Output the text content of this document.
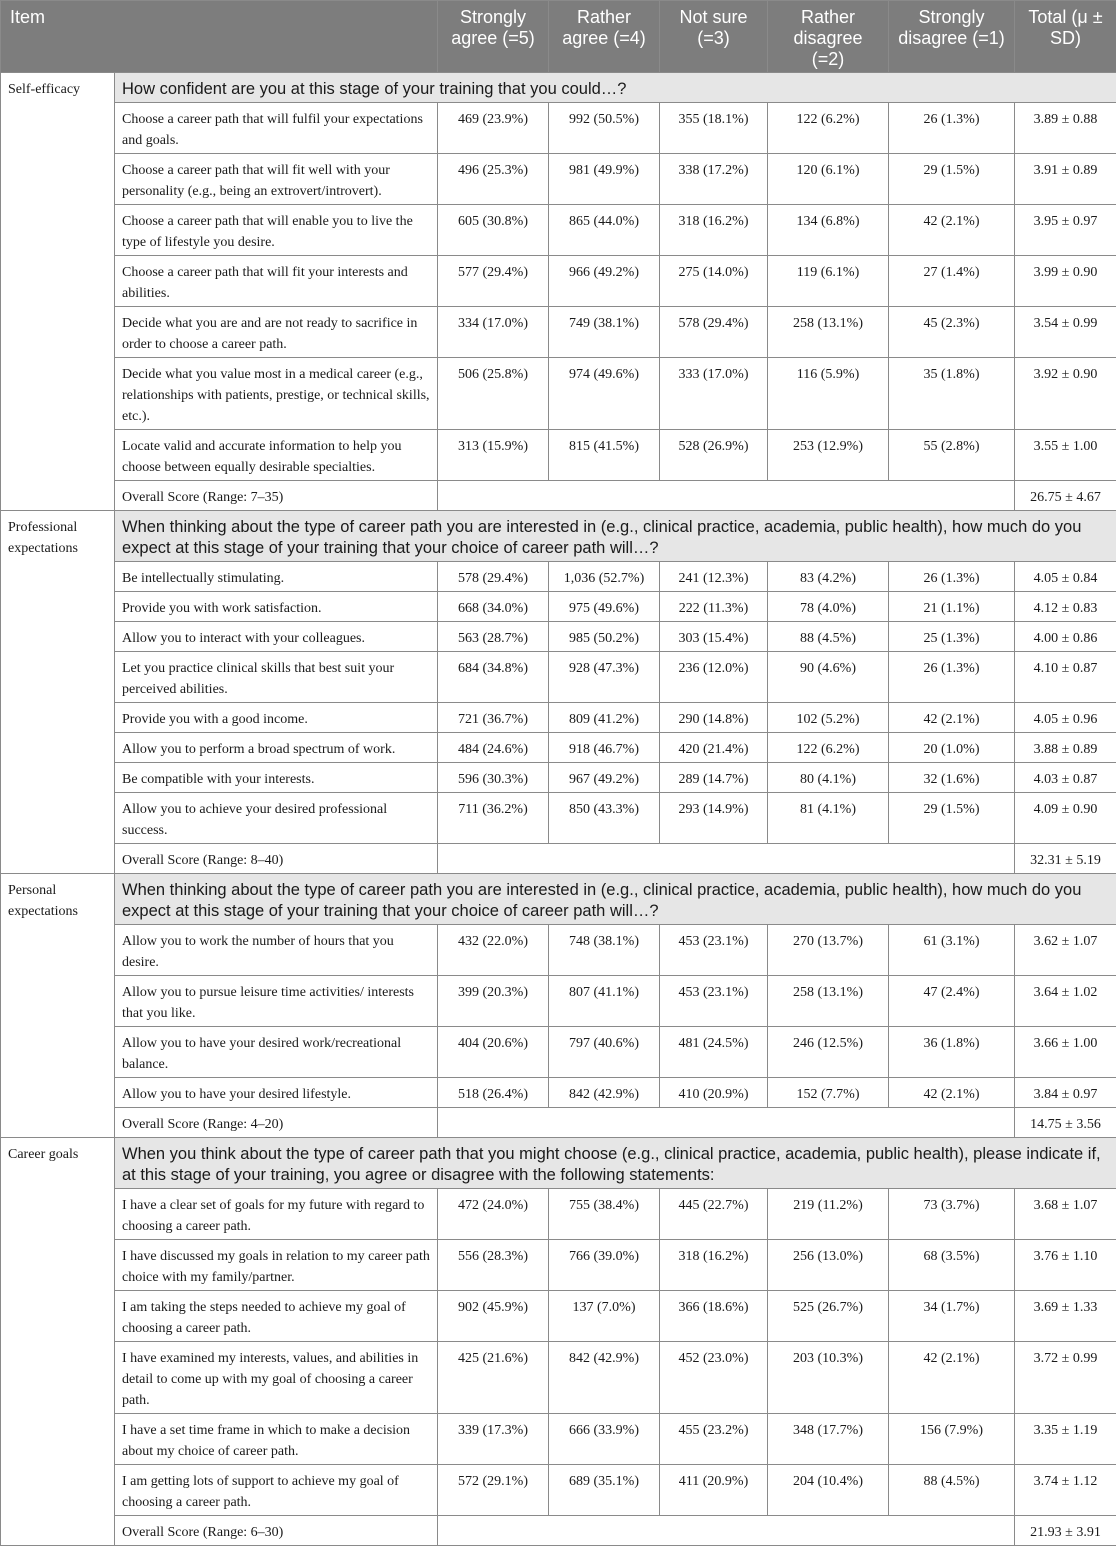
Item		Strongly agree (=5)	Rather agree (=4)	Not sure (=3)	Rather disagree (=2)	Strongly disagree (=1)	Total (μ ± SD)
Self-efficacy	How confident are you at this stage of your training that you could…?						
	Choose a career path that will fulfil your expectations and goals.	469 (23.9%)	992 (50.5%)	355 (18.1%)	122 (6.2%)	26 (1.3%)	3.89 ± 0.88
	Choose a career path that will fit well with your personality (e.g., being an extrovert/introvert).	496 (25.3%)	981 (49.9%)	338 (17.2%)	120 (6.1%)	29 (1.5%)	3.91 ± 0.89
	Choose a career path that will enable you to live the type of lifestyle you desire.	605 (30.8%)	865 (44.0%)	318 (16.2%)	134 (6.8%)	42 (2.1%)	3.95 ± 0.97
	Choose a career path that will fit your interests and abilities.	577 (29.4%)	966 (49.2%)	275 (14.0%)	119 (6.1%)	27 (1.4%)	3.99 ± 0.90
	Decide what you are and are not ready to sacrifice in order to choose a career path.	334 (17.0%)	749 (38.1%)	578 (29.4%)	258 (13.1%)	45 (2.3%)	3.54 ± 0.99
	Decide what you value most in a medical career (e.g., relationships with patients, prestige, or technical skills, etc.).	506 (25.8%)	974 (49.6%)	333 (17.0%)	116 (5.9%)	35 (1.8%)	3.92 ± 0.90
	Locate valid and accurate information to help you choose between equally desirable specialties.	313 (15.9%)	815 (41.5%)	528 (26.9%)	253 (12.9%)	55 (2.8%)	3.55 ± 1.00
	Overall Score (Range: 7–35)						26.75 ± 4.67
Professional expectations	When thinking about the type of career path you are interested in (e.g., clinical practice, academia, public health), how much do you expect at this stage of your training that your choice of career path will…?						
	Be intellectually stimulating.	578 (29.4%)	1,036 (52.7%)	241 (12.3%)	83 (4.2%)	26 (1.3%)	4.05 ± 0.84
	Provide you with work satisfaction.	668 (34.0%)	975 (49.6%)	222 (11.3%)	78 (4.0%)	21 (1.1%)	4.12 ± 0.83
	Allow you to interact with your colleagues.	563 (28.7%)	985 (50.2%)	303 (15.4%)	88 (4.5%)	25 (1.3%)	4.00 ± 0.86
	Let you practice clinical skills that best suit your perceived abilities.	684 (34.8%)	928 (47.3%)	236 (12.0%)	90 (4.6%)	26 (1.3%)	4.10 ± 0.87
	Provide you with a good income.	721 (36.7%)	809 (41.2%)	290 (14.8%)	102 (5.2%)	42 (2.1%)	4.05 ± 0.96
	Allow you to perform a broad spectrum of work.	484 (24.6%)	918 (46.7%)	420 (21.4%)	122 (6.2%)	20 (1.0%)	3.88 ± 0.89
	Be compatible with your interests.	596 (30.3%)	967 (49.2%)	289 (14.7%)	80 (4.1%)	32 (1.6%)	4.03 ± 0.87
	Allow you to achieve your desired professional success.	711 (36.2%)	850 (43.3%)	293 (14.9%)	81 (4.1%)	29 (1.5%)	4.09 ± 0.90
	Overall Score (Range: 8–40)						32.31 ± 5.19
Personal expectations	When thinking about the type of career path you are interested in (e.g., clinical practice, academia, public health), how much do you expect at this stage of your training that your choice of career path will…?						
	Allow you to work the number of hours that you desire.	432 (22.0%)	748 (38.1%)	453 (23.1%)	270 (13.7%)	61 (3.1%)	3.62 ± 1.07
	Allow you to pursue leisure time activities/ interests that you like.	399 (20.3%)	807 (41.1%)	453 (23.1%)	258 (13.1%)	47 (2.4%)	3.64 ± 1.02
	Allow you to have your desired work/recreational balance.	404 (20.6%)	797 (40.6%)	481 (24.5%)	246 (12.5%)	36 (1.8%)	3.66 ± 1.00
	Allow you to have your desired lifestyle.	518 (26.4%)	842 (42.9%)	410 (20.9%)	152 (7.7%)	42 (2.1%)	3.84 ± 0.97
	Overall Score (Range: 4–20)						14.75 ± 3.56
Career goals	When you think about the type of career path that you might choose (e.g., clinical practice, academia, public health), please indicate if, at this stage of your training, you agree or disagree with the following statements:						
	I have a clear set of goals for my future with regard to choosing a career path.	472 (24.0%)	755 (38.4%)	445 (22.7%)	219 (11.2%)	73 (3.7%)	3.68 ± 1.07
	I have discussed my goals in relation to my career path choice with my family/partner.	556 (28.3%)	766 (39.0%)	318 (16.2%)	256 (13.0%)	68 (3.5%)	3.76 ± 1.10
	I am taking the steps needed to achieve my goal of choosing a career path.	902 (45.9%)	137 (7.0%)	366 (18.6%)	525 (26.7%)	34 (1.7%)	3.69 ± 1.33
	I have examined my interests, values, and abilities in detail to come up with my goal of choosing a career path.	425 (21.6%)	842 (42.9%)	452 (23.0%)	203 (10.3%)	42 (2.1%)	3.72 ± 0.99
	I have a set time frame in which to make a decision about my choice of career path.	339 (17.3%)	666 (33.9%)	455 (23.2%)	348 (17.7%)	156 (7.9%)	3.35 ± 1.19
	I am getting lots of support to achieve my goal of choosing a career path.	572 (29.1%)	689 (35.1%)	411 (20.9%)	204 (10.4%)	88 (4.5%)	3.74 ± 1.12
	Overall Score (Range: 6–30)						21.93 ± 3.91
